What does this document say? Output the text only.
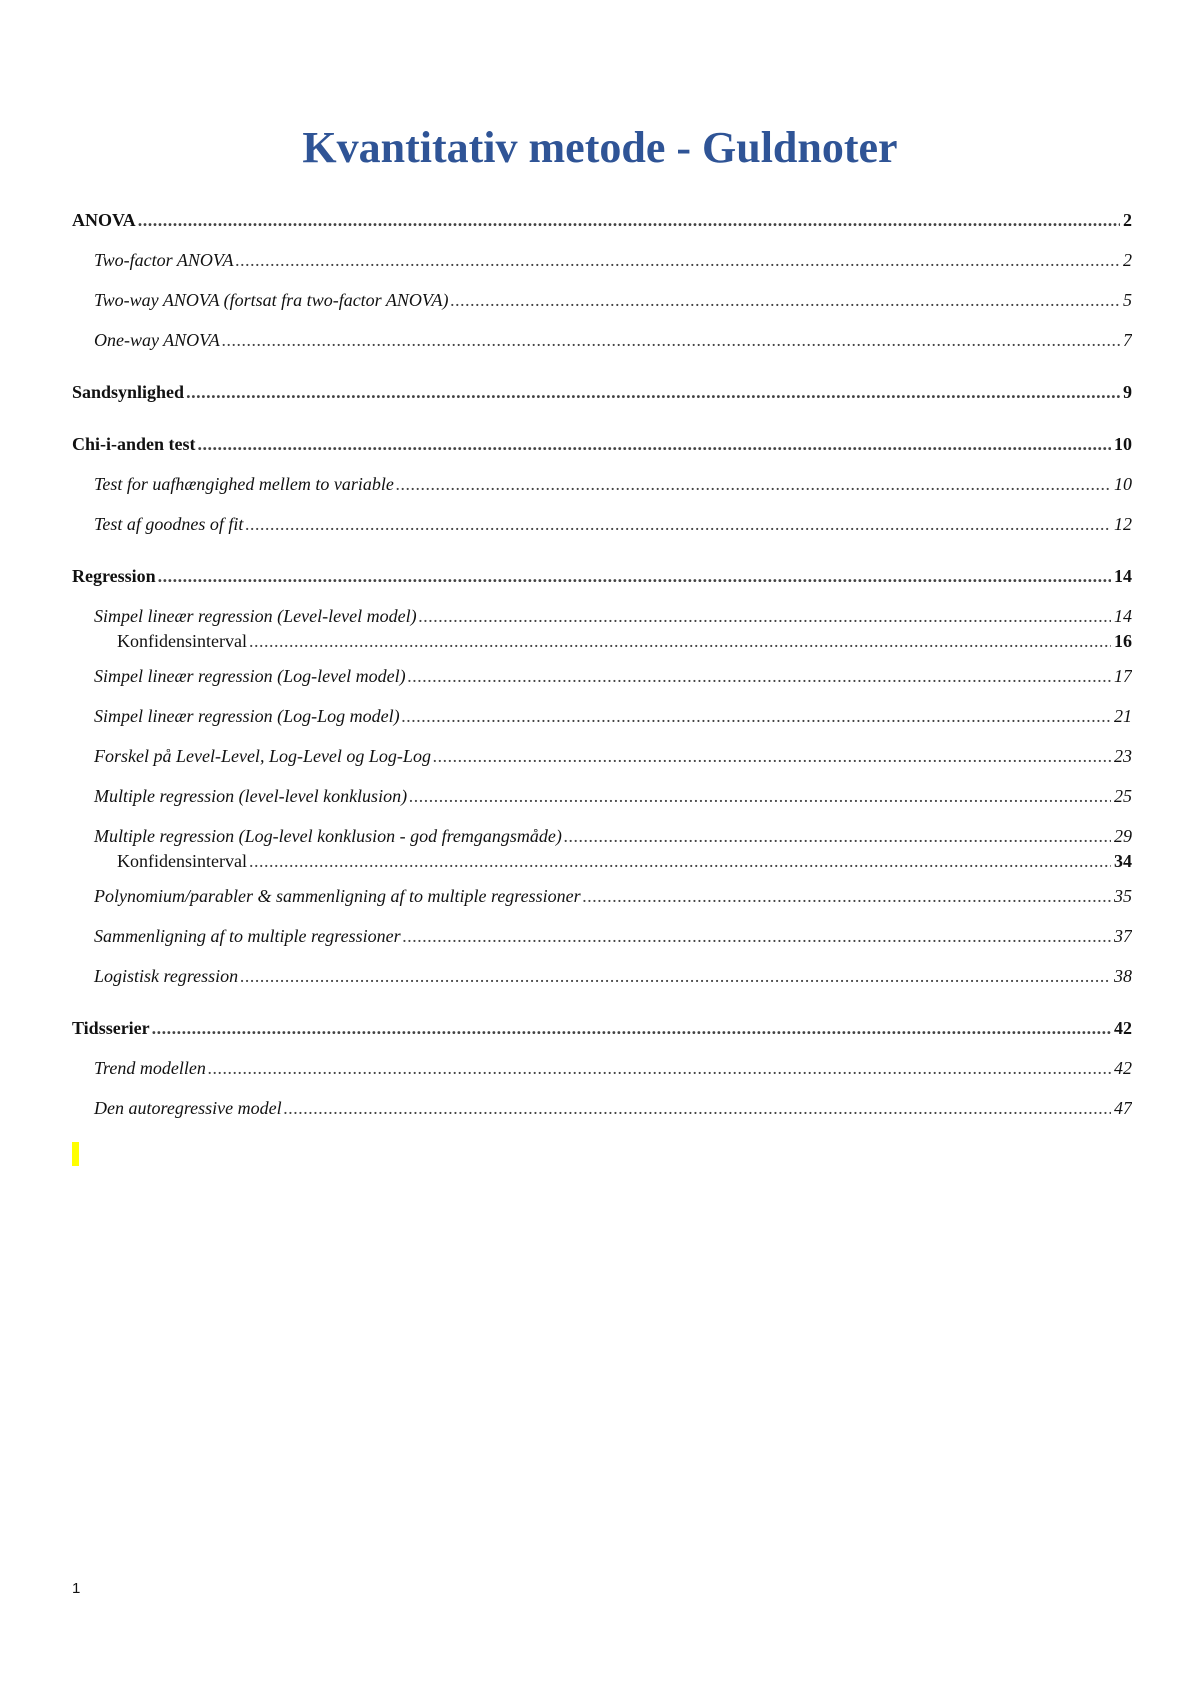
Kvantitativ metode - Guldnoter
ANOVA .....	2
Two-factor ANOVA .....	2
Two-way ANOVA (fortsat fra two-factor ANOVA) .....	5
One-way ANOVA .....	7
Sandsynlighed .....	9
Chi-i-anden test .....	10
Test for uafhængighed mellem to variable .....	10
Test af goodnes of fit .....	12
Regression .....	14
Simpel lineær regression (Level-level model) .....	14
Konfidensinterval .....	16
Simpel lineær regression (Log-level model) .....	17
Simpel lineær regression (Log-Log model) .....	21
Forskel på Level-Level, Log-Level og Log-Log .....	23
Multiple regression (level-level konklusion) .....	25
Multiple regression (Log-level konklusion - god fremgangsmåde) .....	29
Konfidensinterval .....	34
Polynomium/parabler & sammenligning af to multiple regressioner .....	35
Sammenligning af to multiple regressioner .....	37
Logistisk regression .....	38
Tidsserier .....	42
Trend modellen .....	42
Den autoregressive model .....	47
1
